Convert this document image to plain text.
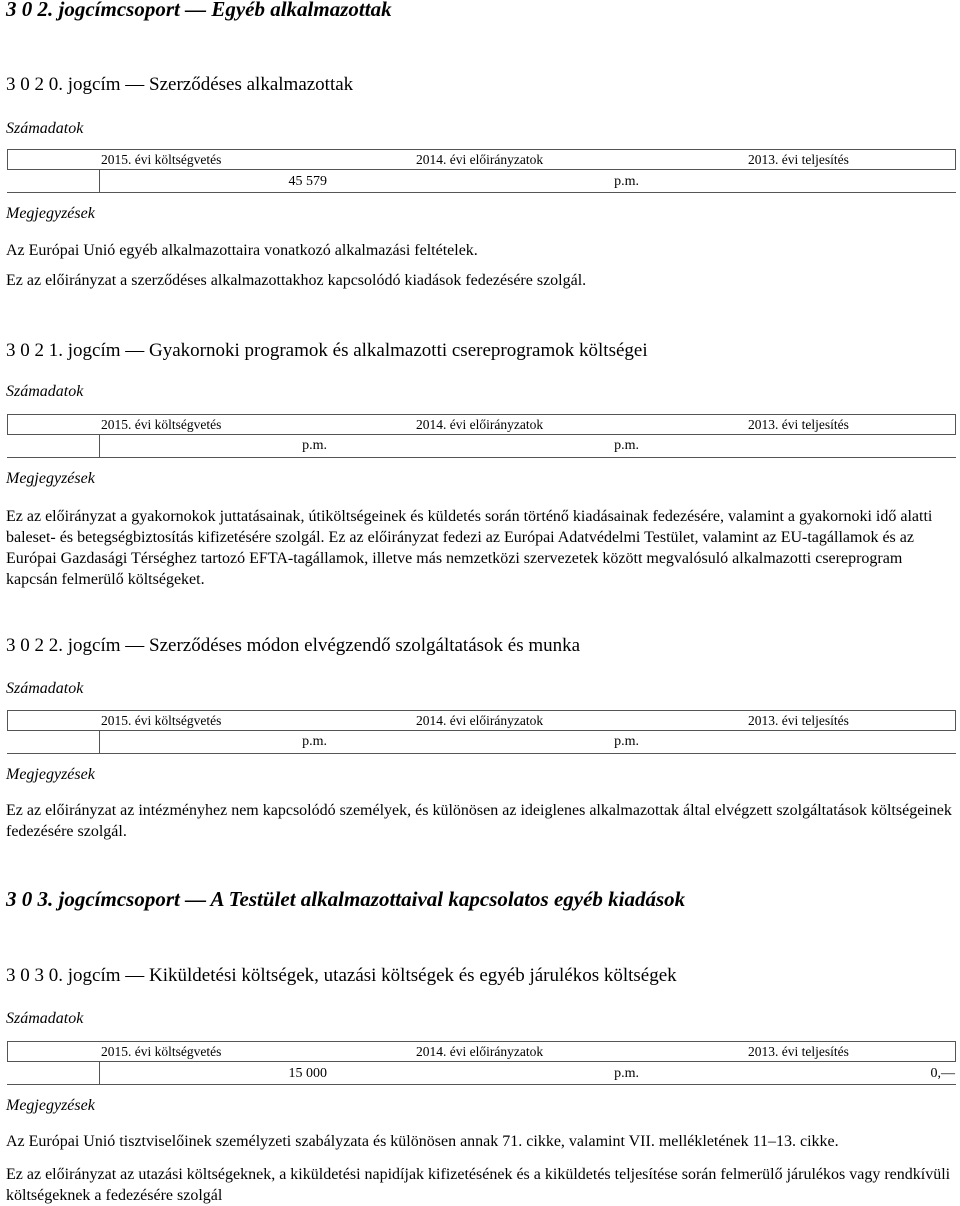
3 0 2. jogcímcsoport — Egyéb alkalmazottak
3 0 2 0. jogcím — Szerződéses alkalmazottak
Számadatok
2015. évi költségvetés	2014. évi előirányzatok	2013. évi teljesítés
45 579	p.m.
Megjegyzések
Az Európai Unió egyéb alkalmazottaira vonatkozó alkalmazási feltételek.
Ez az előirányzat a szerződéses alkalmazottakhoz kapcsolódó kiadások fedezésére szolgál.
3 0 2 1. jogcím — Gyakornoki programok és alkalmazotti csereprogramok költségei
Számadatok
2015. évi költségvetés	2014. évi előirányzatok	2013. évi teljesítés
p.m.	p.m.
Megjegyzések
Ez az előirányzat a gyakornokok juttatásainak, útiköltségeinek és küldetés során történő kiadásainak fedezésére, valamint a gyakornoki idő alatti baleset- és betegségbiztosítás kifizetésére szolgál. Ez az előirányzat fedezi az Európai Adatvédelmi Testület, valamint az EU-tagállamok és az Európai Gazdasági Térséghez tartozó EFTA-tagállamok, illetve más nemzetközi szervezetek között megvalósuló alkalmazotti csereprogram kapcsán felmerülő költségeket.
3 0 2 2. jogcím — Szerződéses módon elvégzendő szolgáltatások és munka
Számadatok
2015. évi költségvetés	2014. évi előirányzatok	2013. évi teljesítés
p.m.	p.m.
Megjegyzések
Ez az előirányzat az intézményhez nem kapcsolódó személyek, és különösen az ideiglenes alkalmazottak által elvégzett szolgáltatások költségeinek fedezésére szolgál.
3 0 3. jogcímcsoport — A Testület alkalmazottaival kapcsolatos egyéb kiadások
3 0 3 0. jogcím — Kiküldetési költségek, utazási költségek és egyéb járulékos költségek
Számadatok
2015. évi költségvetés	2014. évi előirányzatok	2013. évi teljesítés
15 000	p.m.	0,—
Megjegyzések
Az Európai Unió tisztviselőinek személyzeti szabályzata és különösen annak 71. cikke, valamint VII. mellékletének 11–13. cikke.
Ez az előirányzat az utazási költségeknek, a kiküldetési napidíjak kifizetésének és a kiküldetés teljesítése során felmerülő járulékos vagy rendkívüli költségeknek a fedezésére szolgál
